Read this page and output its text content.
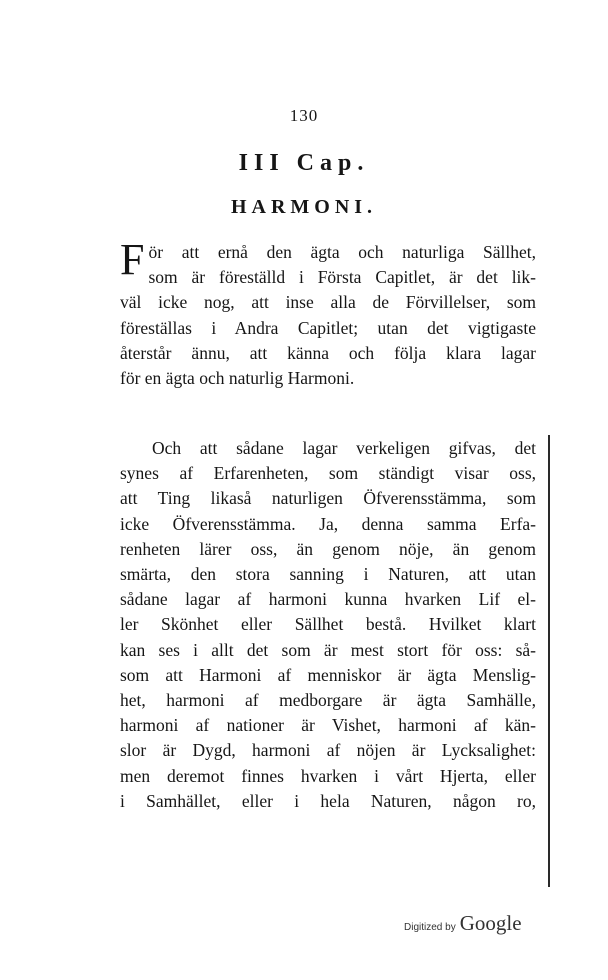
130
III Cap.
HARMONI.
F ör att ernå den ägta och naturliga Sällhet,
som är föreställd i Första Capitlet, är det lik-
väl icke nog, att inse alla de Förvillelser, som
föreställas i Andra Capitlet; utan det vigtigaste
återstår ännu, att känna och följa klara lagar
för en ägta och naturlig Harmoni.
Och att sådane lagar verkeligen gifvas, det
synes af Erfarenheten, som ständigt visar oss,
att Ting likaså naturligen Öfverensstämma, som
icke Öfverensstämma. Ja, denna samma Erfa-
renheten lärer oss, än genom nöje, än genom
smärta, den stora sanning i Naturen, att utan
sådane lagar af harmoni kunna hvarken Lif el-
ler Skönhet eller Sällhet bestå. Hvilket klart
kan ses i allt det som är mest stort för oss: så-
som att Harmoni af menniskor är ägta Menslig-
het, harmoni af medborgare är ägta Samhälle,
harmoni af nationer är Vishet, harmoni af kän-
slor är Dygd, harmoni af nöjen är Lycksalighet:
men deremot finnes hvarken i vårt Hjerta, eller
i Samhället, eller i hela Naturen, någon ro,
Digitized by Google
